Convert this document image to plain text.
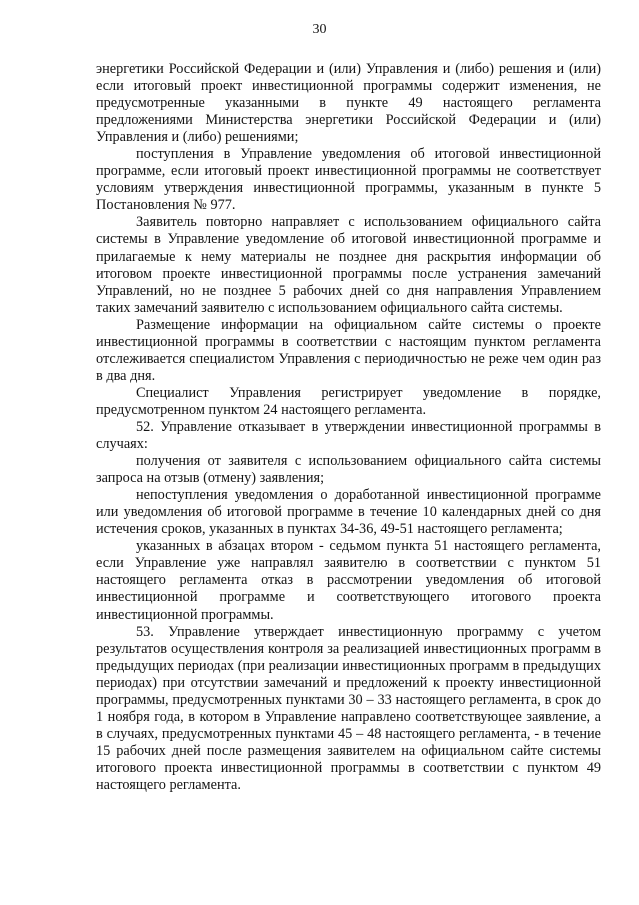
30

энергетики Российской Федерации и (или) Управления и (либо) решения и (или) если итоговый проект инвестиционной программы содержит изменения, не предусмотренные указанными в пункте 49 настоящего регламента предложениями Министерства энергетики Российской Федерации и (или) Управления и (либо) решениями;

поступления в Управление уведомления об итоговой инвестиционной программе, если итоговый проект инвестиционной программы не соответствует условиям утверждения инвестиционной программы, указанным в пункте 5 Постановления № 977.

Заявитель повторно направляет с использованием официального сайта системы в Управление уведомление об итоговой инвестиционной программе и прилагаемые к нему материалы не позднее дня раскрытия информации об итоговом проекте инвестиционной программы после устранения замечаний Управлений, но не позднее 5 рабочих дней со дня направления Управлением таких замечаний заявителю с использованием официального сайта системы.

Размещение информации на официальном сайте системы о проекте инвестиционной программы в соответствии с настоящим пунктом регламента отслеживается специалистом Управления с периодичностью не реже чем один раз в два дня.

Специалист Управления регистрирует уведомление в порядке, предусмотренном пунктом 24 настоящего регламента.

52. Управление отказывает в утверждении инвестиционной программы в случаях:

получения от заявителя с использованием официального сайта системы запроса на отзыв (отмену) заявления;

непоступления уведомления о доработанной инвестиционной программе или уведомления об итоговой программе в течение 10 календарных дней со дня истечения сроков, указанных в пунктах 34-36, 49-51 настоящего регламента;

указанных в абзацах втором - седьмом пункта 51 настоящего регламента, если Управление уже направлял заявителю в соответствии с пунктом 51 настоящего регламента отказ в рассмотрении уведомления об итоговой инвестиционной программе и соответствующего итогового проекта инвестиционной программы.

53. Управление утверждает инвестиционную программу с учетом результатов осуществления контроля за реализацией инвестиционных программ в предыдущих периодах (при реализации инвестиционных программ в предыдущих периодах) при отсутствии замечаний и предложений к проекту инвестиционной программы, предусмотренных пунктами 30 – 33 настоящего регламента, в срок до 1 ноября года, в котором в Управление направлено соответствующее заявление, а в случаях, предусмотренных пунктами 45 – 48 настоящего регламента, - в течение 15 рабочих дней после размещения заявителем на официальном сайте системы итогового проекта инвестиционной программы в соответствии с пунктом 49 настоящего регламента.
